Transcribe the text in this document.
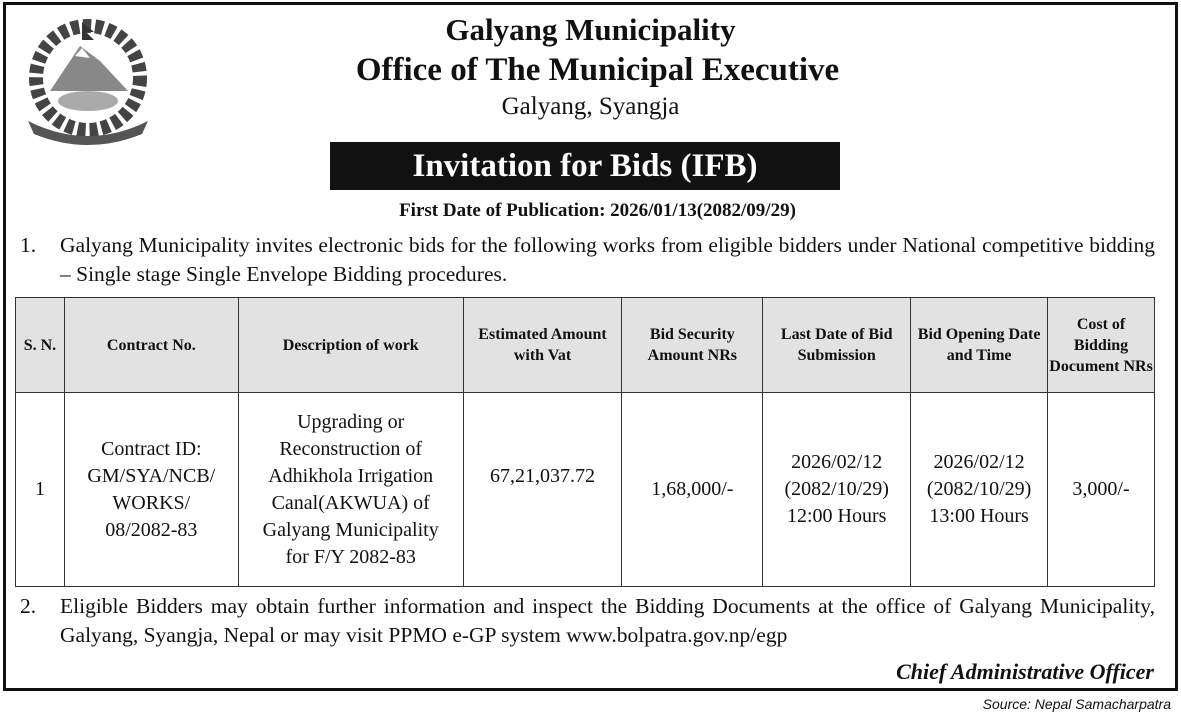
Galyang Municipality
Office of The Municipal Executive
Galyang, Syangja
Invitation for Bids (IFB)
First Date of Publication: 2026/01/13(2082/09/29)
1. Galyang Municipality invites electronic bids for the following works from eligible bidders under National competitive bidding – Single stage Single Envelope Bidding procedures.
S. N.	Contract No.	Description of work	Estimated Amount with Vat	Bid Security Amount NRs	Last Date of Bid Submission	Bid Opening Date and Time	Cost of Bidding Document NRs
1	Contract ID: GM/SYA/NCB/ WORKS/ 08/2082-83	Upgrading or Reconstruction of Adhikhola Irrigation Canal(AKWUA) of Galyang Municipality for F/Y 2082-83	67,21,037.72	1,68,000/-	2026/02/12 (2082/10/29) 12:00 Hours	2026/02/12 (2082/10/29) 13:00 Hours	3,000/-
2. Eligible Bidders may obtain further information and inspect the Bidding Documents at the office of Galyang Municipality, Galyang, Syangja, Nepal or may visit PPMO e-GP system www.bolpatra.gov.np/egp
Chief Administrative Officer
Source: Nepal Samacharpatra
